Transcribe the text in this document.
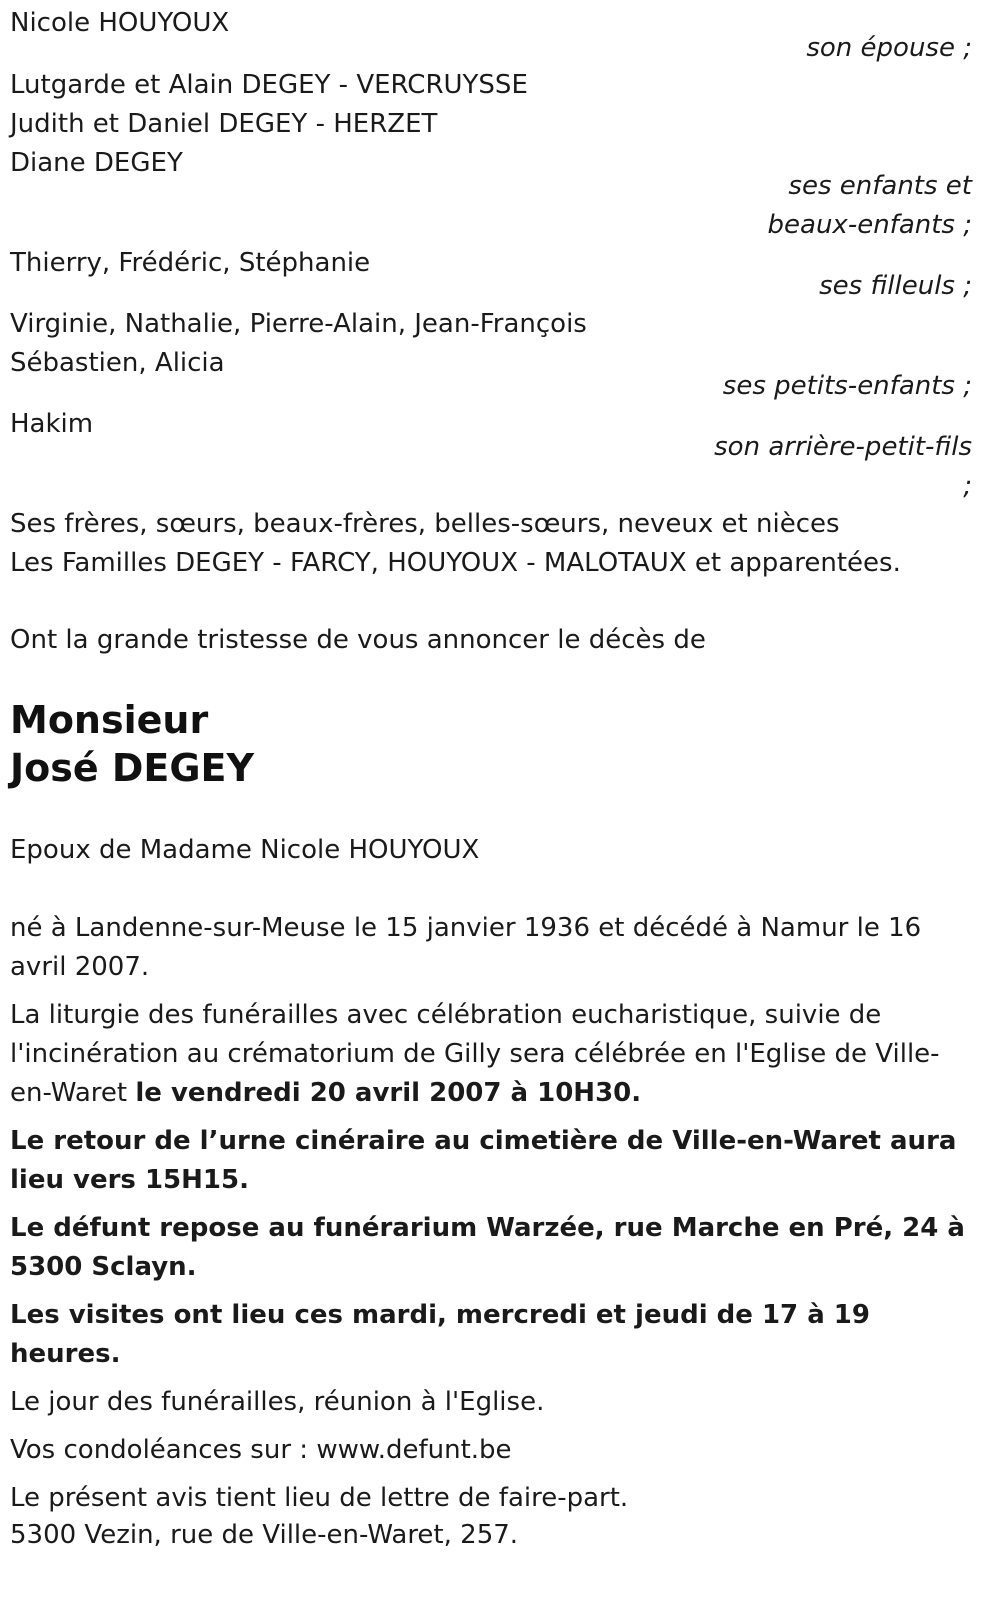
Nicole HOUYOUX
son épouse ;
Lutgarde et Alain DEGEY - VERCRUYSSE
Judith et Daniel DEGEY - HERZET
Diane DEGEY
ses enfants et
beaux-enfants ;
Thierry, Frédéric, Stéphanie
ses filleuls ;
Virginie, Nathalie, Pierre-Alain, Jean-François
Sébastien, Alicia
ses petits-enfants ;
Hakim
son arrière-petit-fils
;
Ses frères, sœurs, beaux-frères, belles-sœurs, neveux et nièces
Les Familles DEGEY - FARCY, HOUYOUX - MALOTAUX et apparentées.
Ont la grande tristesse de vous annoncer le décès de
Monsieur
José DEGEY
Epoux de Madame Nicole HOUYOUX
né à Landenne-sur-Meuse le 15 janvier 1936 et décédé à Namur le 16 avril 2007.
La liturgie des funérailles avec célébration eucharistique, suivie de l'incinération au crématorium de Gilly sera célébrée en l'Eglise de Ville-en-Waret le vendredi 20 avril 2007 à 10H30.
Le retour de l’urne cinéraire au cimetière de Ville-en-Waret aura lieu vers 15H15.
Le défunt repose au funérarium Warzée, rue Marche en Pré, 24 à 5300 Sclayn.
Les visites ont lieu ces mardi, mercredi et jeudi de 17 à 19 heures.
Le jour des funérailles, réunion à l'Eglise.
Vos condoléances sur : www.defunt.be
Le présent avis tient lieu de lettre de faire-part.
5300 Vezin, rue de Ville-en-Waret, 257.
